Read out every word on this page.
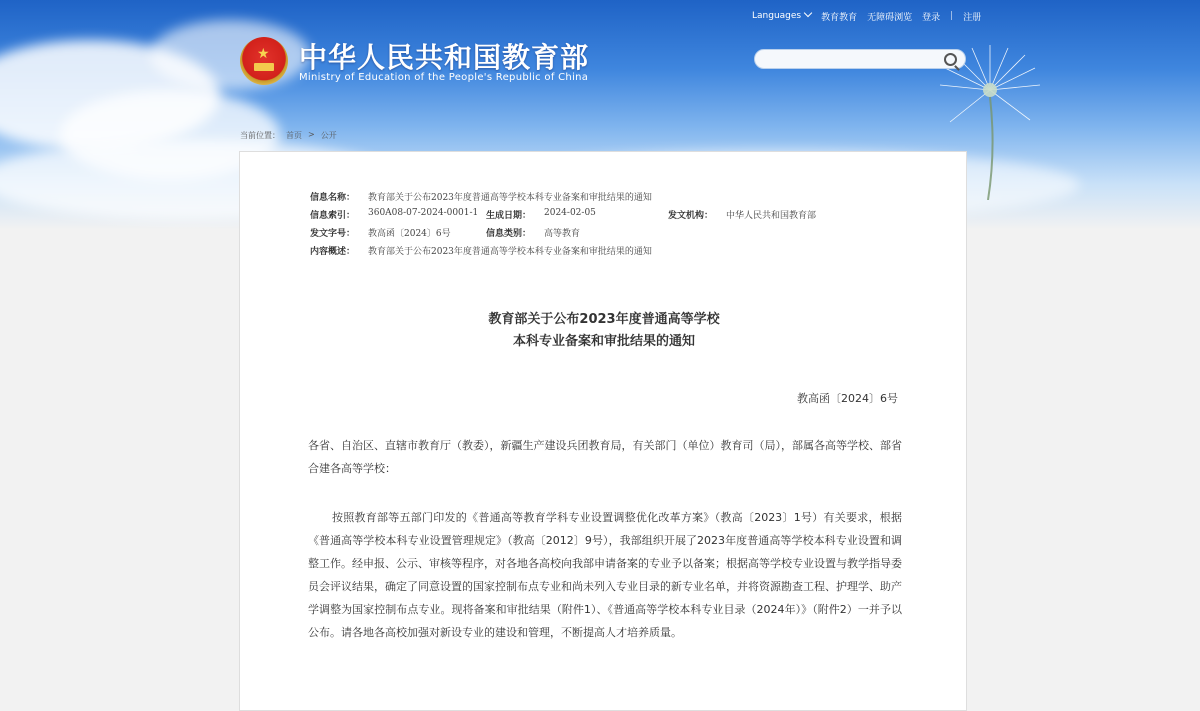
Languages	教育教育 无障碍浏览 登录 | 注册
★ 中华人民共和国教育部
Ministry of Education of the People's Republic of China
当前位置： 首页 > 公开
信息名称： 教育部关于公布2023年度普通高等学校本科专业备案和审批结果的通知
信息索引： 360A08-07-2024-0001-1 生成日期： 2024-02-05	发文机构： 中华人民共和国教育部
发文字号： 教高函〔2024〕6号	信息类别： 高等教育
内容概述： 教育部关于公布2023年度普通高等学校本科专业备案和审批结果的通知
教育部关于公布2023年度普通高等学校
本科专业备案和审批结果的通知
教高函〔2024〕6号
各省、自治区、直辖市教育厅（教委），新疆生产建设兵团教育局，有关部门（单位）教育司（局），部属各高等学校、部省合建各高等学校：
按照教育部等五部门印发的《普通高等教育学科专业设置调整优化改革方案》（教高〔2023〕1号）有关要求，根据《普通高等学校本科专业设置管理规定》（教高〔2012〕9号），我部组织开展了2023年度普通高等学校本科专业设置和调整工作。经申报、公示、审核等程序，对各地各高校向我部申请备案的专业予以备案；根据高等学校专业设置与教学指导委员会评议结果，确定了同意设置的国家控制布点专业和尚未列入专业目录的新专业名单，并将资源勘查工程、护理学、助产学调整为国家控制布点专业。现将备案和审批结果（附件1）、《普通高等学校本科专业目录（2024年）》（附件2）一并予以公布。请各地各高校加强对新设专业的建设和管理，不断提高人才培养质量。
